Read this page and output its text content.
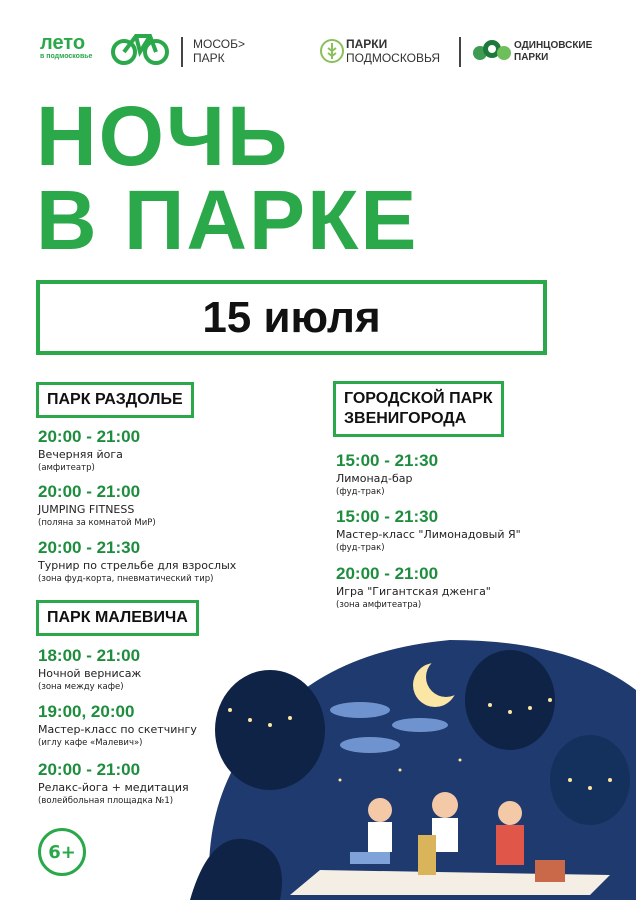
лето
в подмосковье
МОСОБ>
ПАРК
ПАРКИ
ПОДМОСКОВЬЯ
ОДИНЦОВСКИЕ
ПАРКИ
НОЧЬ
В ПАРКЕ
15 июля
ПАРК РАЗДОЛЬЕ
ПАРК МАЛЕВИЧА
ГОРОДСКОЙ ПАРК
ЗВЕНИГОРОДА
20:00 - 21:00
Вечерняя йога
(амфитеатр)
20:00 - 21:00
JUMPING FITNESS
(поляна за комнатой МиР)
20:00 - 21:30
Турнир по стрельбе для взрослых
(зона фуд-корта, пневматический тир)
18:00 - 21:00
Ночной вернисаж
(зона между кафе)
19:00, 20:00
Мастер-класс по скетчингу
(иглу кафе «Малевич»)
20:00 - 21:00
Релакс-йога + медитация
(волейбольная площадка №1)
15:00 - 21:30
Лимонад-бар
(фуд-трак)
15:00 - 21:30
Мастер-класс "Лимонадовый Я"
(фуд-трак)
20:00 - 21:00
Игра "Гигантская дженга"
(зона амфитеатра)
6+
